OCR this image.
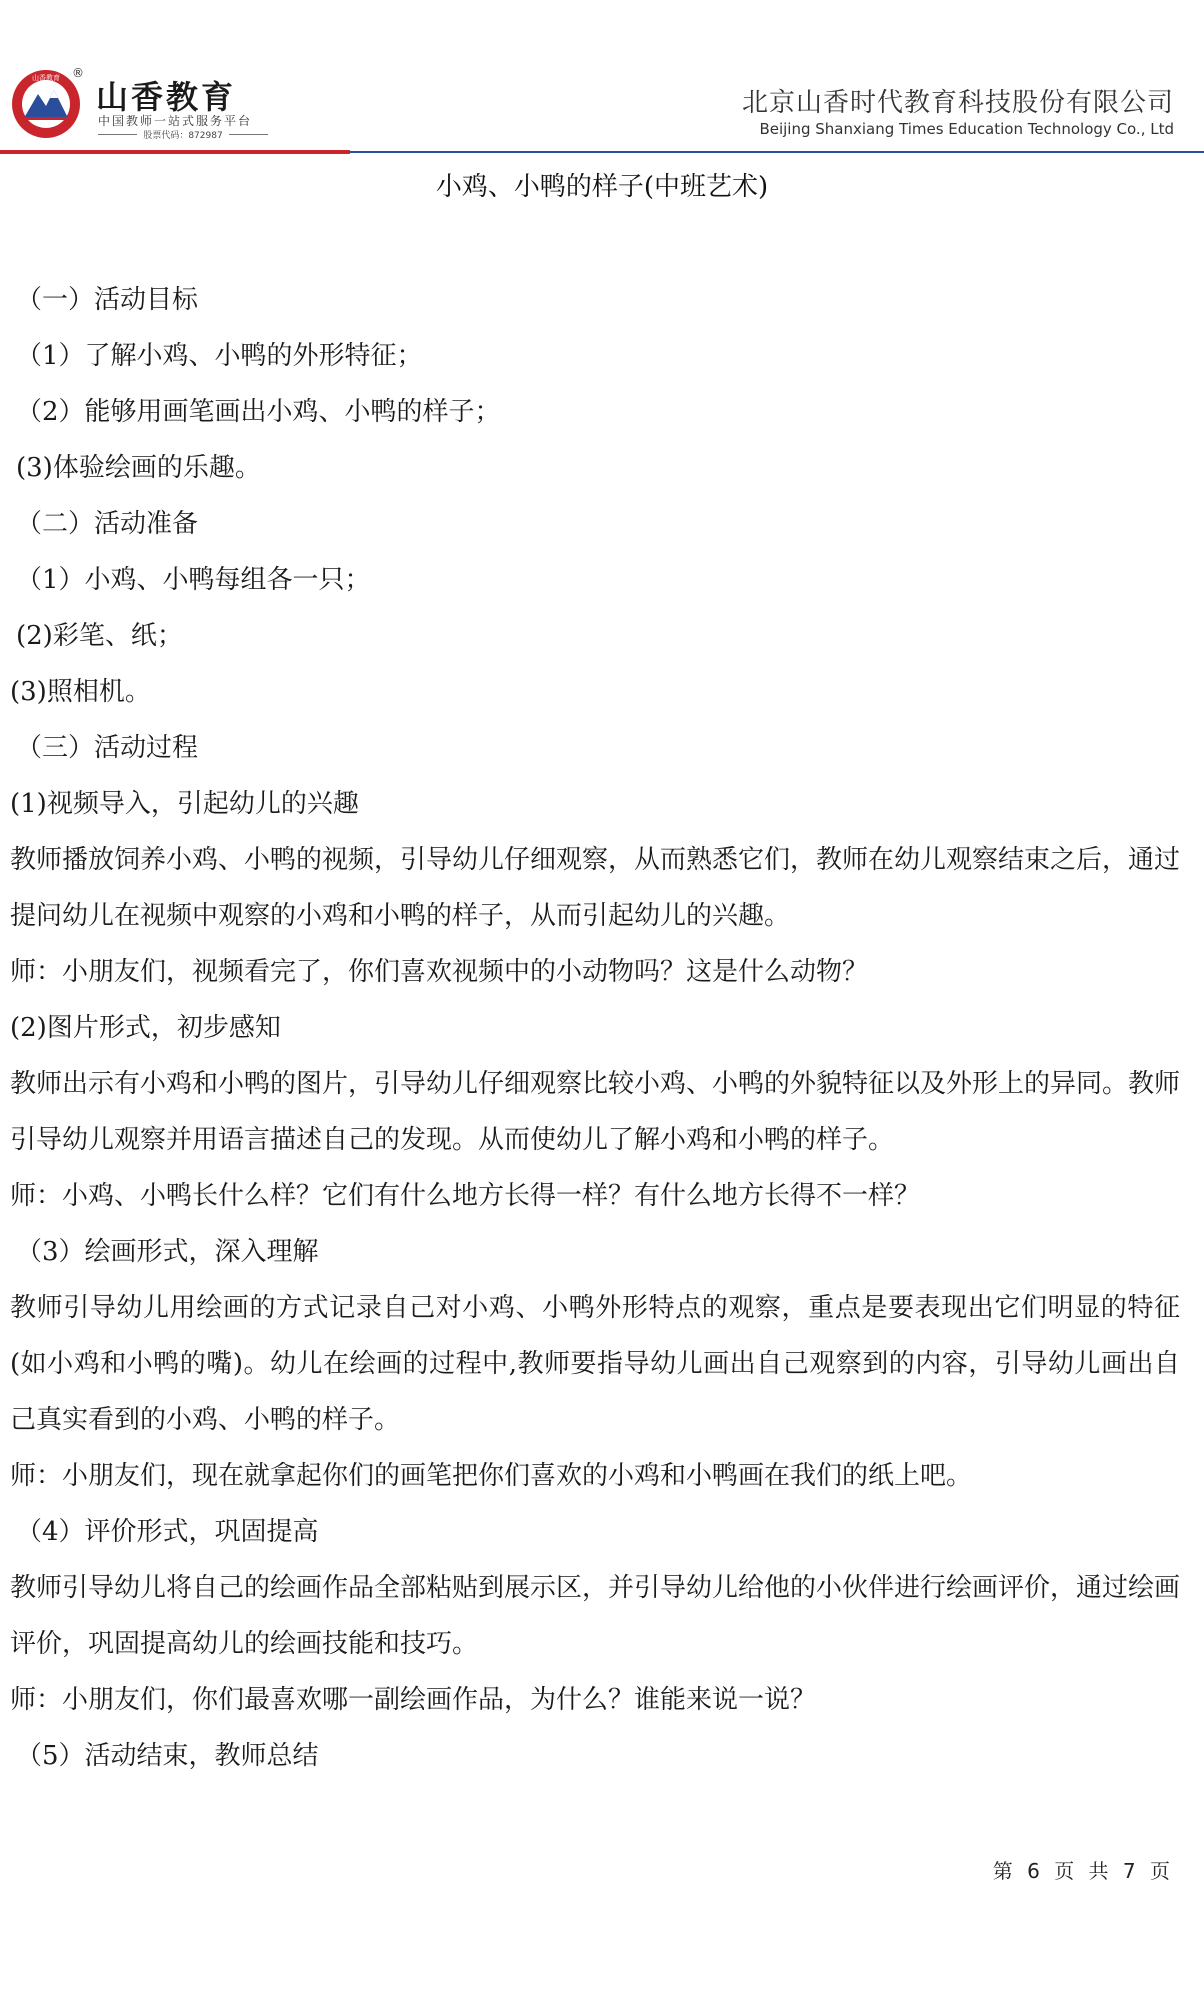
山香教育 ®
山香教育
中国教师一站式服务平台
股票代码：872987
北京山香时代教育科技股份有限公司
Beijing Shanxiang Times Education Technology Co., Ltd
小鸡、小鸭的样子(中班艺术)
（一）活动目标
（1）了解小鸡、小鸭的外形特征；
（2）能够用画笔画出小鸡、小鸭的样子；
(3)体验绘画的乐趣。
（二）活动准备
（1）小鸡、小鸭每组各一只；
(2)彩笔、纸；
(3)照相机。
（三）活动过程
(1)视频导入，引起幼儿的兴趣
教师播放饲养小鸡、小鸭的视频，引导幼儿仔细观察，从而熟悉它们，教师在幼儿观察结束之后，通过提问幼儿在视频中观察的小鸡和小鸭的样子，从而引起幼儿的兴趣。
师：小朋友们，视频看完了，你们喜欢视频中的小动物吗？这是什么动物？
(2)图片形式，初步感知
教师出示有小鸡和小鸭的图片，引导幼儿仔细观察比较小鸡、小鸭的外貌特征以及外形上的异同。教师引导幼儿观察并用语言描述自己的发现。从而使幼儿了解小鸡和小鸭的样子。
师：小鸡、小鸭长什么样？它们有什么地方长得一样？有什么地方长得不一样？
（3）绘画形式，深入理解
教师引导幼儿用绘画的方式记录自己对小鸡、小鸭外形特点的观察，重点是要表现出它们明显的特征(如小鸡和小鸭的嘴)。幼儿在绘画的过程中,教师要指导幼儿画出自己观察到的内容，引导幼儿画出自己真实看到的小鸡、小鸭的样子。
师：小朋友们，现在就拿起你们的画笔把你们喜欢的小鸡和小鸭画在我们的纸上吧。
（4）评价形式，巩固提高
教师引导幼儿将自己的绘画作品全部粘贴到展示区，并引导幼儿给他的小伙伴进行绘画评价，通过绘画评价，巩固提高幼儿的绘画技能和技巧。
师：小朋友们，你们最喜欢哪一副绘画作品，为什么？谁能来说一说？
（5）活动结束，教师总结
第 6 页 共 7 页
